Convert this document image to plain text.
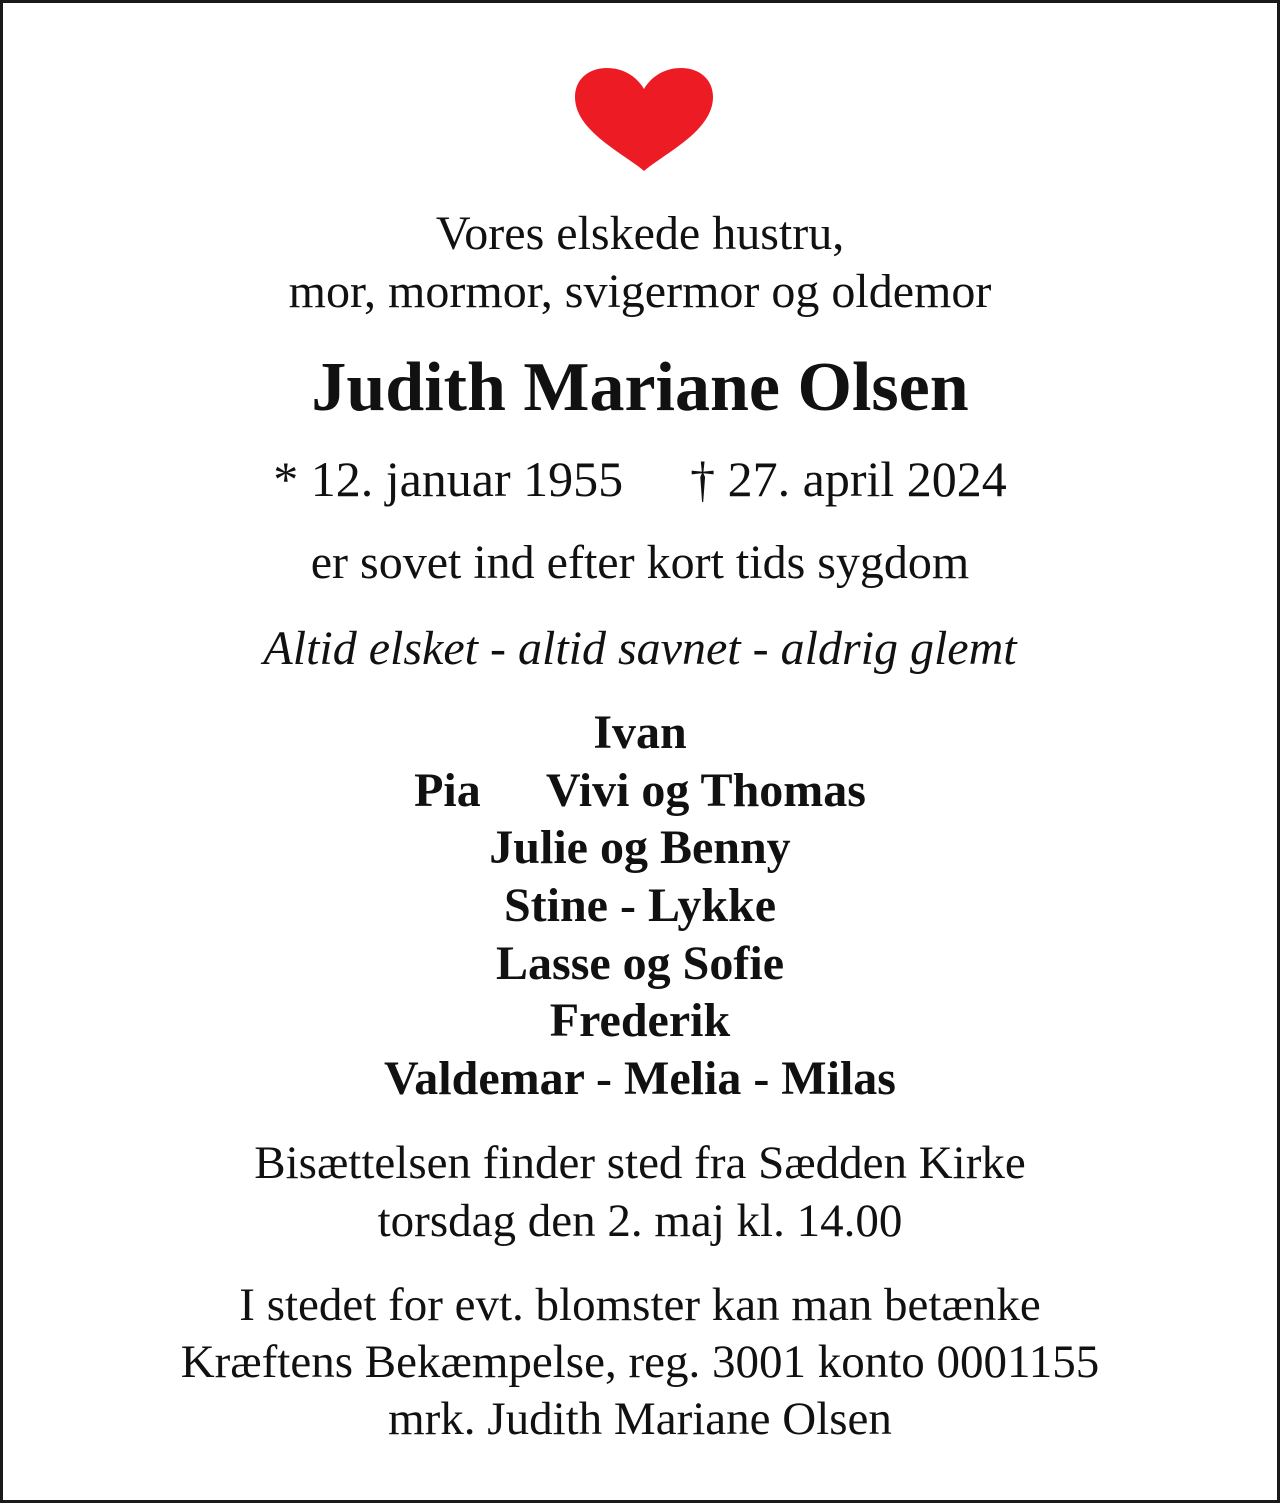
Vores elskede hustru,
mor, mormor, svigermor og oldemor
Judith Mariane Olsen
* 12. januar 1955 † 27. april 2024
er sovet ind efter kort tids sygdom
Altid elsket - altid savnet - aldrig glemt
Ivan
Pia Vivi og Thomas
Julie og Benny
Stine - Lykke
Lasse og Sofie
Frederik
Valdemar - Melia - Milas
Bisættelsen finder sted fra Sædden Kirke
torsdag den 2. maj kl. 14.00
I stedet for evt. blomster kan man betænke
Kræftens Bekæmpelse, reg. 3001 konto 0001155
mrk. Judith Mariane Olsen
